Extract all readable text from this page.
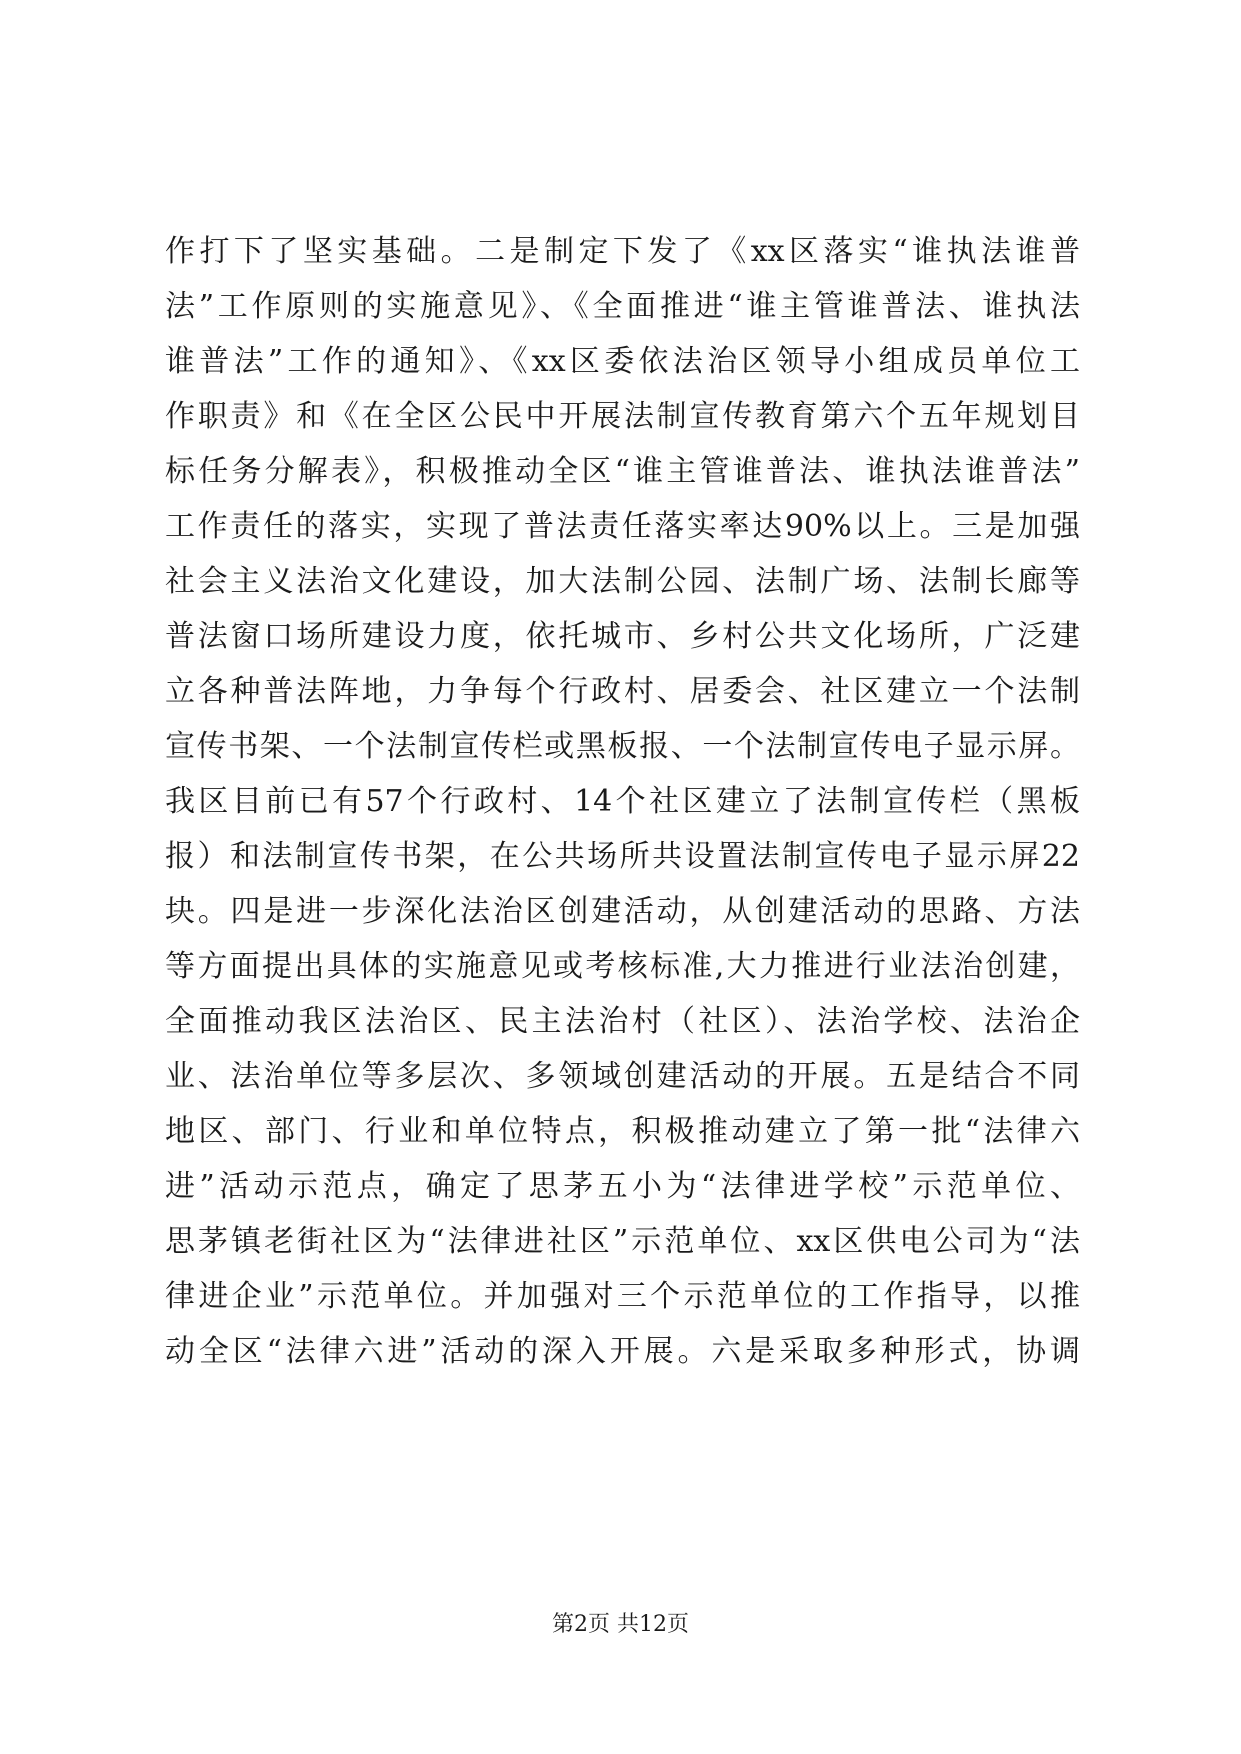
作打下了坚实基础。二是制定下发了《xx区落实“谁执法谁普
法”工作原则的实施意见》、《全面推进“谁主管谁普法、谁执法
谁普法”工作的通知》、《xx区委依法治区领导小组成员单位工
作职责》和《在全区公民中开展法制宣传教育第六个五年规划目
标任务分解表》，积极推动全区“谁主管谁普法、谁执法谁普法”
工作责任的落实，实现了普法责任落实率达90%以上。三是加强
社会主义法治文化建设，加大法制公园、法制广场、法制长廊等
普法窗口场所建设力度，依托城市、乡村公共文化场所，广泛建
立各种普法阵地，力争每个行政村、居委会、社区建立一个法制
宣传书架、一个法制宣传栏或黑板报、一个法制宣传电子显示屏。
我区目前已有57个行政村、14个社区建立了法制宣传栏（黑板
报）和法制宣传书架，在公共场所共设置法制宣传电子显示屏22
块。四是进一步深化法治区创建活动，从创建活动的思路、方法
等方面提出具体的实施意见或考核标准,大力推进行业法治创建，
全面推动我区法治区、民主法治村（社区）、法治学校、法治企
业、法治单位等多层次、多领域创建活动的开展。五是结合不同
地区、部门、行业和单位特点，积极推动建立了第一批“法律六
进”活动示范点，确定了思茅五小为“法律进学校”示范单位、
思茅镇老街社区为“法律进社区”示范单位、xx区供电公司为“法
律进企业”示范单位。并加强对三个示范单位的工作指导，以推
动全区“法律六进”活动的深入开展。六是采取多种形式，协调
第2页 共12页
